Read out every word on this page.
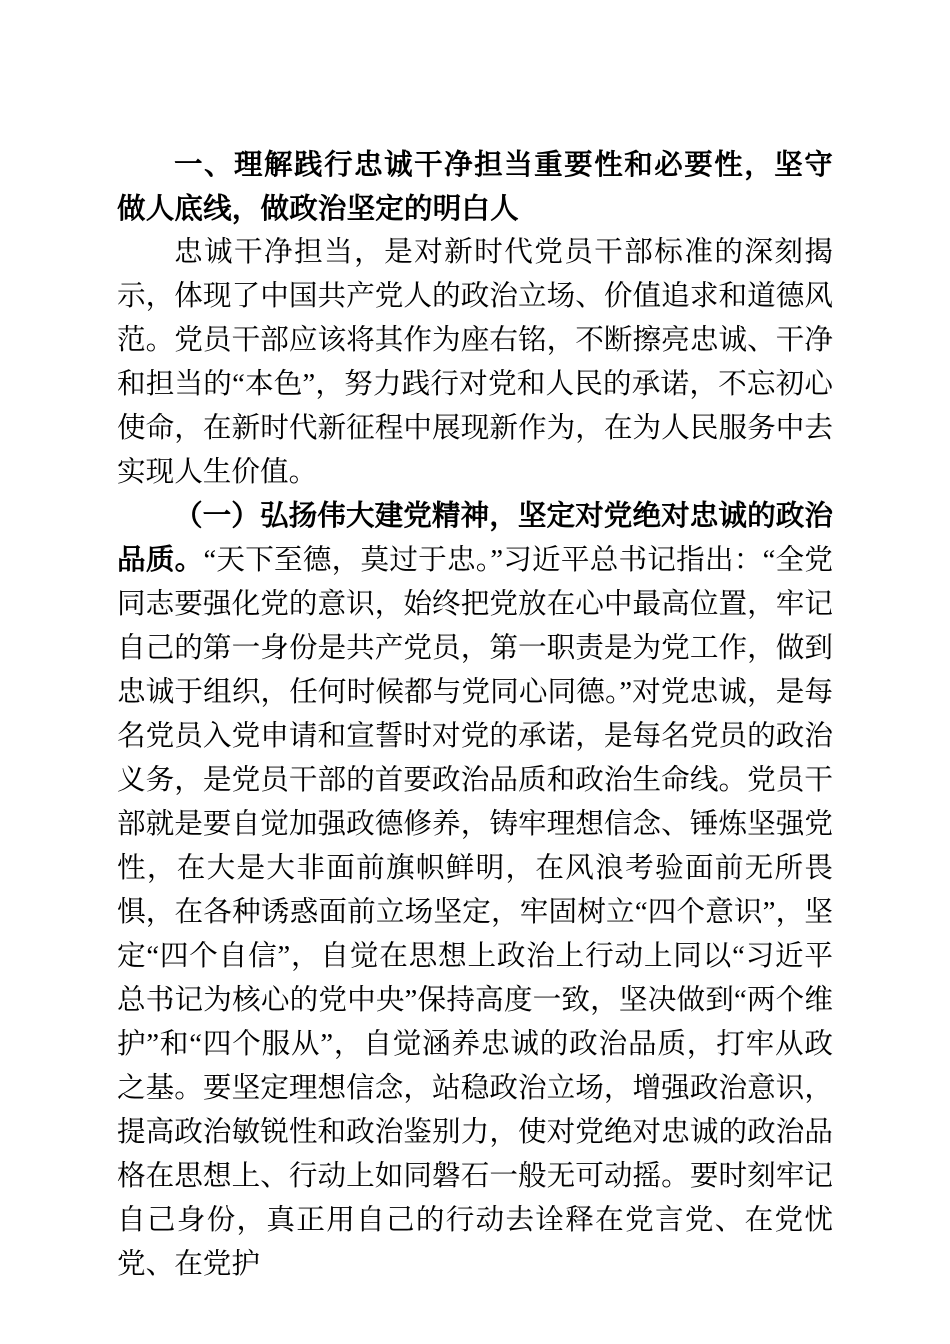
一、理解践行忠诚干净担当重要性和必要性，坚守做人底线，做政治坚定的明白人

忠诚干净担当，是对新时代党员干部标准的深刻揭示，体现了中国共产党人的政治立场、价值追求和道德风范。党员干部应该将其作为座右铭，不断擦亮忠诚、干净和担当的“本色”，努力践行对党和人民的承诺，不忘初心使命，在新时代新征程中展现新作为，在为人民服务中去实现人生价值。

（一）弘扬伟大建党精神，坚定对党绝对忠诚的政治品质。“天下至德，莫过于忠。”习近平总书记指出：“全党同志要强化党的意识，始终把党放在心中最高位置，牢记自己的第一身份是共产党员，第一职责是为党工作，做到忠诚于组织，任何时候都与党同心同德。”对党忠诚，是每名党员入党申请和宣誓时对党的承诺，是每名党员的政治义务，是党员干部的首要政治品质和政治生命线。党员干部就是要自觉加强政德修养，铸牢理想信念、锤炼坚强党性，在大是大非面前旗帜鲜明，在风浪考验面前无所畏惧，在各种诱惑面前立场坚定，牢固树立“四个意识”，坚定“四个自信”，自觉在思想上政治上行动上同以“习近平总书记为核心的党中央”保持高度一致，坚决做到“两个维护”和“四个服从”，自觉涵养忠诚的政治品质，打牢从政之基。要坚定理想信念，站稳政治立场，增强政治意识，提高政治敏锐性和政治鉴别力，使对党绝对忠诚的政治品格在思想上、行动上如同磐石一般无可动摇。要时刻牢记自己身份，真正用自己的行动去诠释在党言党、在党忧党、在党护
